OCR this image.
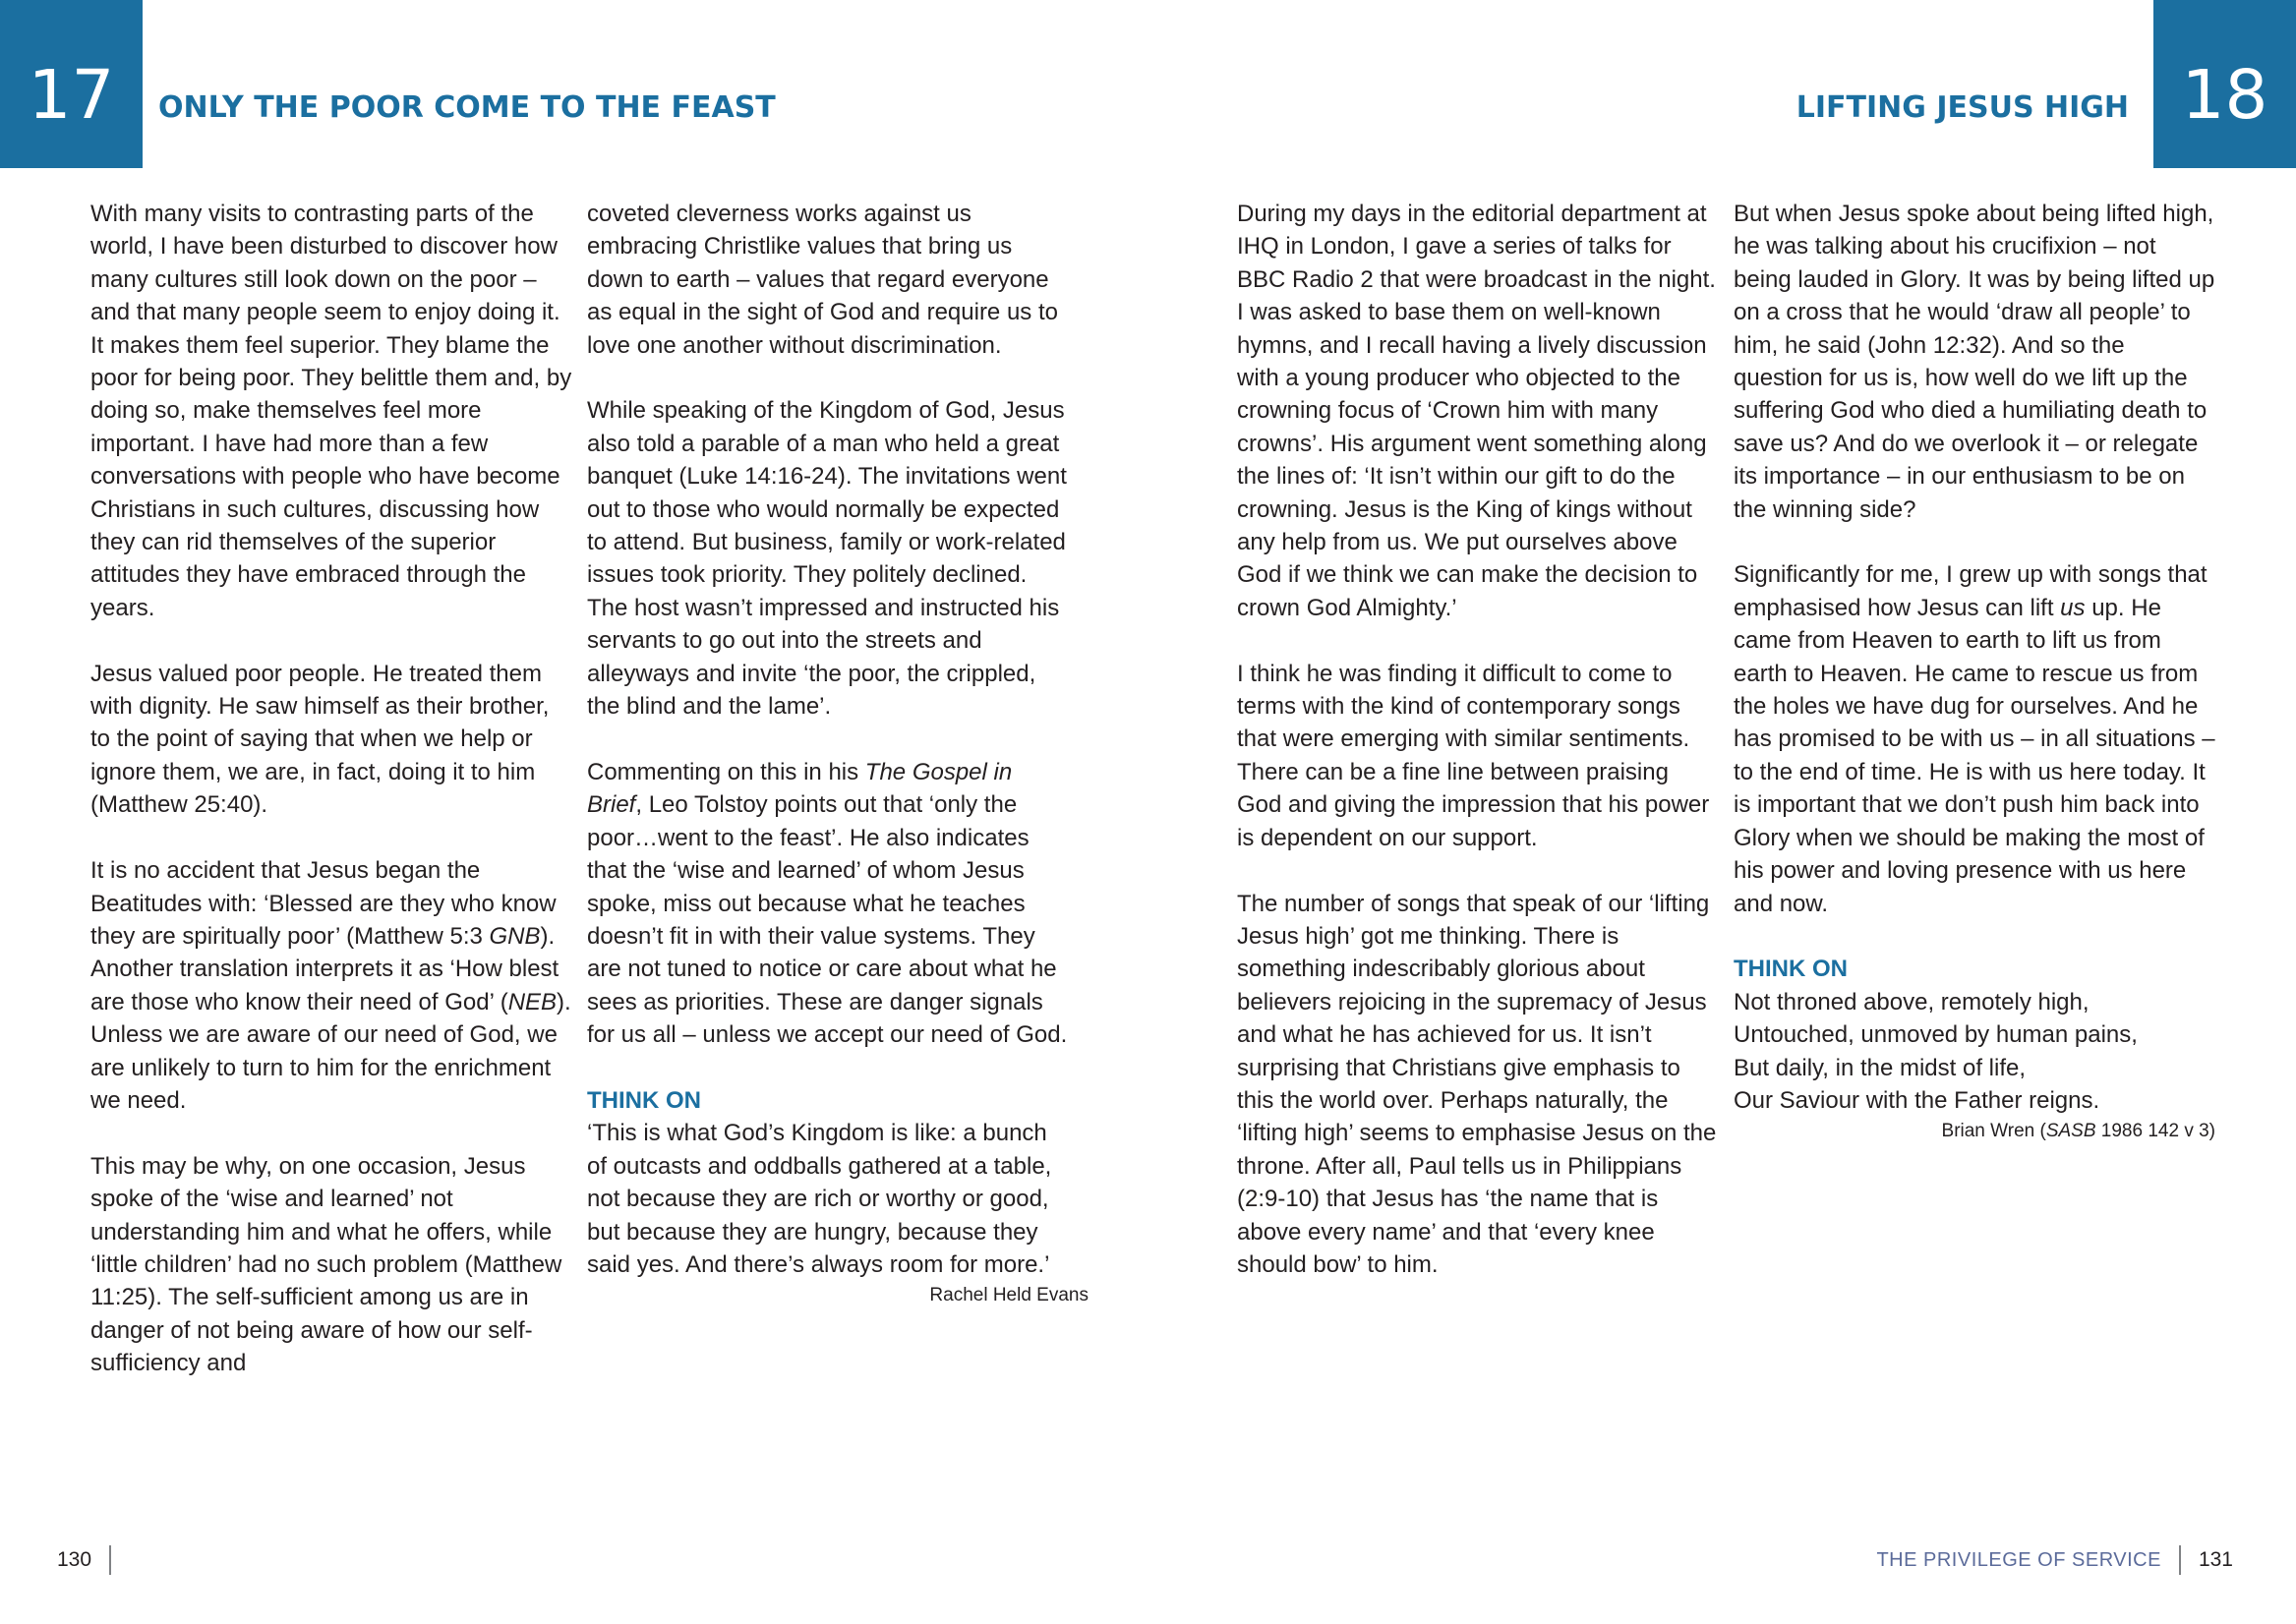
17 ONLY THE POOR COME TO THE FEAST	18
LIFTING JESUS HIGH

With many visits to contrasting parts of the world, I have been disturbed to discover how many cultures still look down on the poor – and that many people seem to enjoy doing it. It makes them feel superior. They blame the poor for being poor. They belittle them and, by doing so, make themselves feel more important. I have had more than a few conversations with people who have become Christians in such cultures, discussing how they can rid themselves of the superior attitudes they have embraced through the years.

Jesus valued poor people. He treated them with dignity. He saw himself as their brother, to the point of saying that when we help or ignore them, we are, in fact, doing it to him (Matthew 25:40).

It is no accident that Jesus began the Beatitudes with: ‘Blessed are they who know they are spiritually poor’ (Matthew 5:3 GNB). Another translation interprets it as ‘How blest are those who know their need of God’ (NEB). Unless we are aware of our need of God, we are unlikely to turn to him for the enrichment we need.

This may be why, on one occasion, Jesus spoke of the ‘wise and learned’ not understanding him and what he offers, while ‘little children’ had no such problem (Matthew 11:25). The self-sufficient among us are in danger of not being aware of how our self-sufficiency and

coveted cleverness works against us embracing Christlike values that bring us down to earth – values that regard everyone as equal in the sight of God and require us to love one another without discrimination.

While speaking of the Kingdom of God, Jesus also told a parable of a man who held a great banquet (Luke 14:16-24). The invitations went out to those who would normally be expected to attend. But business, family or work-related issues took priority. They politely declined. The host wasn’t impressed and instructed his servants to go out into the streets and alleyways and invite ‘the poor, the crippled, the blind and the lame’.

Commenting on this in his The Gospel in Brief, Leo Tolstoy points out that ‘only the poor…went to the feast’. He also indicates that the ‘wise and learned’ of whom Jesus spoke, miss out because what he teaches doesn’t fit in with their value systems. They are not tuned to notice or care about what he sees as priorities. These are danger signals for us all – unless we accept our need of God.

THINK ON

‘This is what God’s Kingdom is like: a bunch of outcasts and oddballs gathered at a table, not because they are rich or worthy or good, but because they are hungry, because they said yes. And there’s always room for more.’

Rachel Held Evans

During my days in the editorial department at IHQ in London, I gave a series of talks for BBC Radio 2 that were broadcast in the night. I was asked to base them on well-known hymns, and I recall having a lively discussion with a young producer who objected to the crowning focus of ‘Crown him with many crowns’. His argument went something along the lines of: ‘It isn’t within our gift to do the crowning. Jesus is the King of kings without any help from us. We put ourselves above God if we think we can make the decision to crown God Almighty.’

I think he was finding it difficult to come to terms with the kind of contemporary songs that were emerging with similar sentiments. There can be a fine line between praising God and giving the impression that his power is dependent on our support.

The number of songs that speak of our ‘lifting Jesus high’ got me thinking. There is something indescribably glorious about believers rejoicing in the supremacy of Jesus and what he has achieved for us. It isn’t surprising that Christians give emphasis to this the world over. Perhaps naturally, the ‘lifting high’ seems to emphasise Jesus on the throne. After all, Paul tells us in Philippians (2:9-10) that Jesus has ‘the name that is above every name’ and that ‘every knee should bow’ to him.

But when Jesus spoke about being lifted high, he was talking about his crucifixion – not being lauded in Glory. It was by being lifted up on a cross that he would ‘draw all people’ to him, he said (John 12:32). And so the question for us is, how well do we lift up the suffering God who died a humiliating death to save us? And do we overlook it – or relegate its importance – in our enthusiasm to be on the winning side?

Significantly for me, I grew up with songs that emphasised how Jesus can lift us up. He came from Heaven to earth to lift us from earth to Heaven. He came to rescue us from the holes we have dug for ourselves. And he has promised to be with us – in all situations – to the end of time. He is with us here today. It is important that we don’t push him back into Glory when we should be making the most of his power and loving presence with us here and now.

THINK ON
Not throned above, remotely high,
Untouched, unmoved by human pains,
But daily, in the midst of life,
Our Saviour with the Father reigns.

Brian Wren (SASB 1986 142 v 3)

130	THE PRIVILEGE OF SERVICE 131
